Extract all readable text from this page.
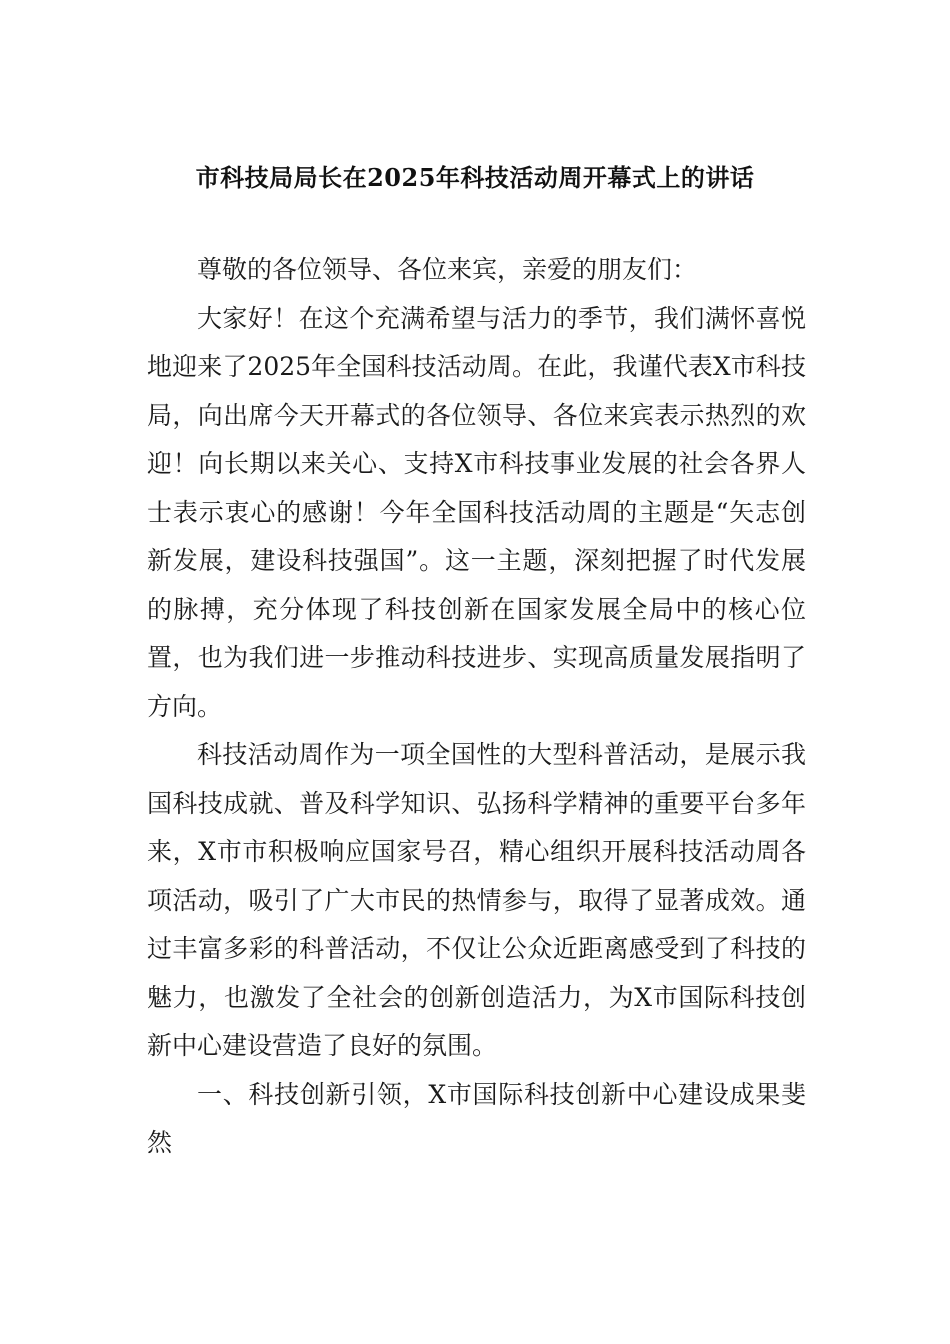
市科技局局长在2025年科技活动周开幕式上的讲话

尊敬的各位领导、各位来宾，亲爱的朋友们：

大家好！在这个充满希望与活力的季节，我们满怀喜悦地迎来了2025年全国科技活动周。在此，我谨代表X市科技局，向出席今天开幕式的各位领导、各位来宾表示热烈的欢迎！向长期以来关心、支持X市科技事业发展的社会各界人士表示衷心的感谢！今年全国科技活动周的主题是“矢志创新发展，建设科技强国”。这一主题，深刻把握了时代发展的脉搏，充分体现了科技创新在国家发展全局中的核心位置，也为我们进一步推动科技进步、实现高质量发展指明了方向。

科技活动周作为一项全国性的大型科普活动，是展示我国科技成就、普及科学知识、弘扬科学精神的重要平台多年来，X市市积极响应国家号召，精心组织开展科技活动周各项活动，吸引了广大市民的热情参与，取得了显著成效。通过丰富多彩的科普活动，不仅让公众近距离感受到了科技的魅力，也激发了全社会的创新创造活力，为X市国际科技创新中心建设营造了良好的氛围。

一、科技创新引领，X市国际科技创新中心建设成果斐然
